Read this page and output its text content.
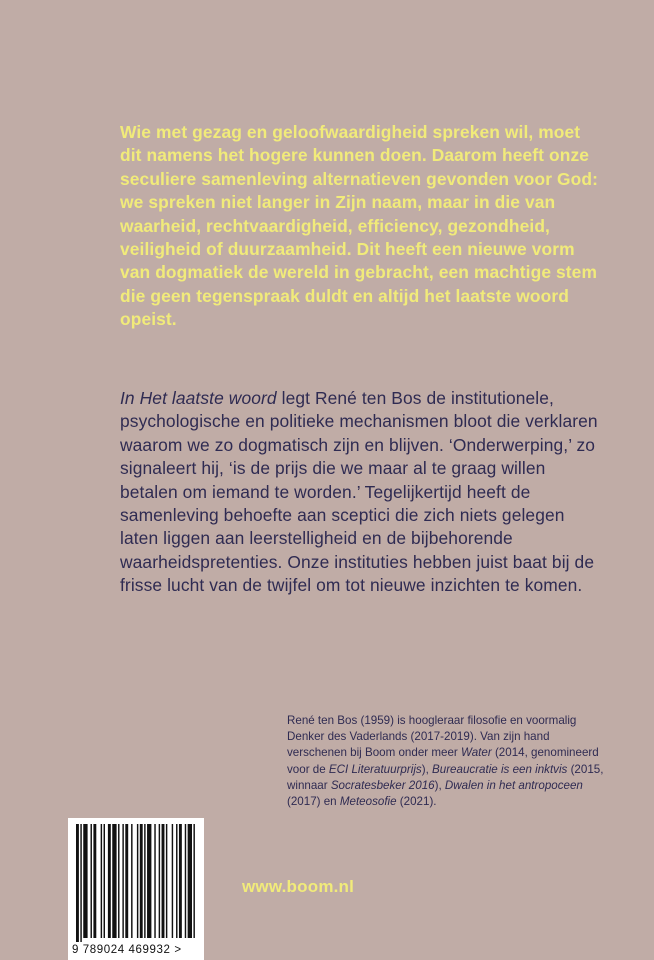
Wie met gezag en geloofwaardigheid spreken wil, moet dit namens het hogere kunnen doen. Daarom heeft onze seculiere samenleving alternatieven gevonden voor God: we spreken niet langer in Zijn naam, maar in die van waarheid, rechtvaardigheid, efficiency, gezondheid, veiligheid of duurzaamheid. Dit heeft een nieuwe vorm van dogmatiek de wereld in gebracht, een machtige stem die geen tegenspraak duldt en altijd het laatste woord opeist.

In Het laatste woord legt René ten Bos de institutionele, psychologische en politieke mechanismen bloot die verklaren waarom we zo dogmatisch zijn en blijven. ‘Onderwerping,’ zo signaleert hij, ‘is de prijs die we maar al te graag willen betalen om iemand te worden.’ Tegelijkertijd heeft de samenleving behoefte aan sceptici die zich niets gelegen laten liggen aan leerstelligheid en de bijbehorende waarheidspretenties. Onze instituties hebben juist baat bij de frisse lucht van de twijfel om tot nieuwe inzichten te komen.

René ten Bos (1959) is hoogleraar filosofie en voormalig Denker des Vaderlands (2017-2019). Van zijn hand verschenen bij Boom onder meer Water (2014, genomineerd voor de ECI Literatuurprijs), Bureaucratie is een inktvis (2015, winnaar Socratesbeker 2016), Dwalen in het antropoceen (2017) en Meteosofie (2021).

9 789024 469932 >

www.boom.nl
